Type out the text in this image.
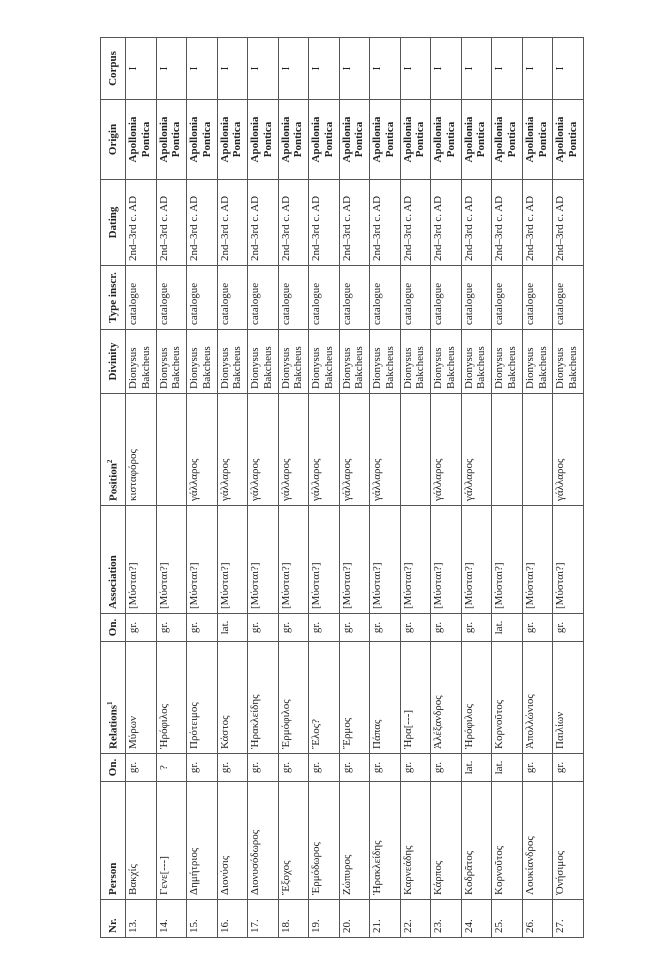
Nr.	Person	On.	Relations$^1$	On.	Association	Position$^2$	Divinity	Type inscr.	Dating	Origin	Corpus
13.	Βακχίς	gr.	Μύρων	gr.	[Μύσται?]	κισταφόρος	Dionysus Bakcheus	catalogue	2nd–3rd c. AD	Apollonia Pontica	I
14.	Γενε[---]	?	Ἡρόφιλος	gr.	[Μύσται?]		Dionysus Bakcheus	catalogue	2nd–3rd c. AD	Apollonia Pontica	I
15.	Δημήτριος	gr.	Πρότειμος	gr.	[Μύσται?]	γάλλαρος	Dionysus Bakcheus	catalogue	2nd–3rd c. AD	Apollonia Pontica	I
16.	Διονύσις	gr.	Κάστος	lat.	[Μύσται?]	γάλλαρος	Dionysus Bakcheus	catalogue	2nd–3rd c. AD	Apollonia Pontica	I
17.	Διονυσόδωρος	gr.	Ἡρακλείδης	gr.	[Μύσται?]	γάλλαρος	Dionysus Bakcheus	catalogue	2nd–3rd c. AD	Apollonia Pontica	I
18.	Ἔξοχος	gr.	Ἑρμόφιλος	gr.	[Μύσται?]	γάλλαρος	Dionysus Bakcheus	catalogue	2nd–3rd c. AD	Apollonia Pontica	I
19.	Ἑρμόδωρος	gr.	Ἔλος?	gr.	[Μύσται?]	γάλλαρος	Dionysus Bakcheus	catalogue	2nd–3rd c. AD	Apollonia Pontica	I
20.	Ζώπυρος	gr.	Ἔρμος	gr.	[Μύσται?]	γάλλαρος	Dionysus Bakcheus	catalogue	2nd–3rd c. AD	Apollonia Pontica	I
21.	Ἡρακλείδης	gr.	Πάπας	gr.	[Μύσται?]	γάλλαρος	Dionysus Bakcheus	catalogue	2nd–3rd c. AD	Apollonia Pontica	I
22.	Καρνεάδης	gr.	Ἡρα[---]	gr.	[Μύσται?]		Dionysus Bakcheus	catalogue	2nd–3rd c. AD	Apollonia Pontica	I
23.	Κάρπος	gr.	Ἀλέξανδρος	gr.	[Μύσται?]	γάλλαρος	Dionysus Bakcheus	catalogue	2nd–3rd c. AD	Apollonia Pontica	I
24.	Κοδρᾶτος	lat.	Ἡρόφιλος	gr.	[Μύσται?]	γάλλαρος	Dionysus Bakcheus	catalogue	2nd–3rd c. AD	Apollonia Pontica	I
25.	Κορνοῦτος	lat.	Κορνοῦτος	lat.	[Μύσται?]		Dionysus Bakcheus	catalogue	2nd–3rd c. AD	Apollonia Pontica	I
26.	Λουκίανδρος	gr.	Ἀπολλώνιος	gr.	[Μύσται?]		Dionysus Bakcheus	catalogue	2nd–3rd c. AD	Apollonia Pontica	I
27.	Ὀνήσιμος	gr.	Παιλίων	gr.	[Μύσται?]	γάλλαρος	Dionysus Bakcheus	catalogue	2nd–3rd c. AD	Apollonia Pontica	I
